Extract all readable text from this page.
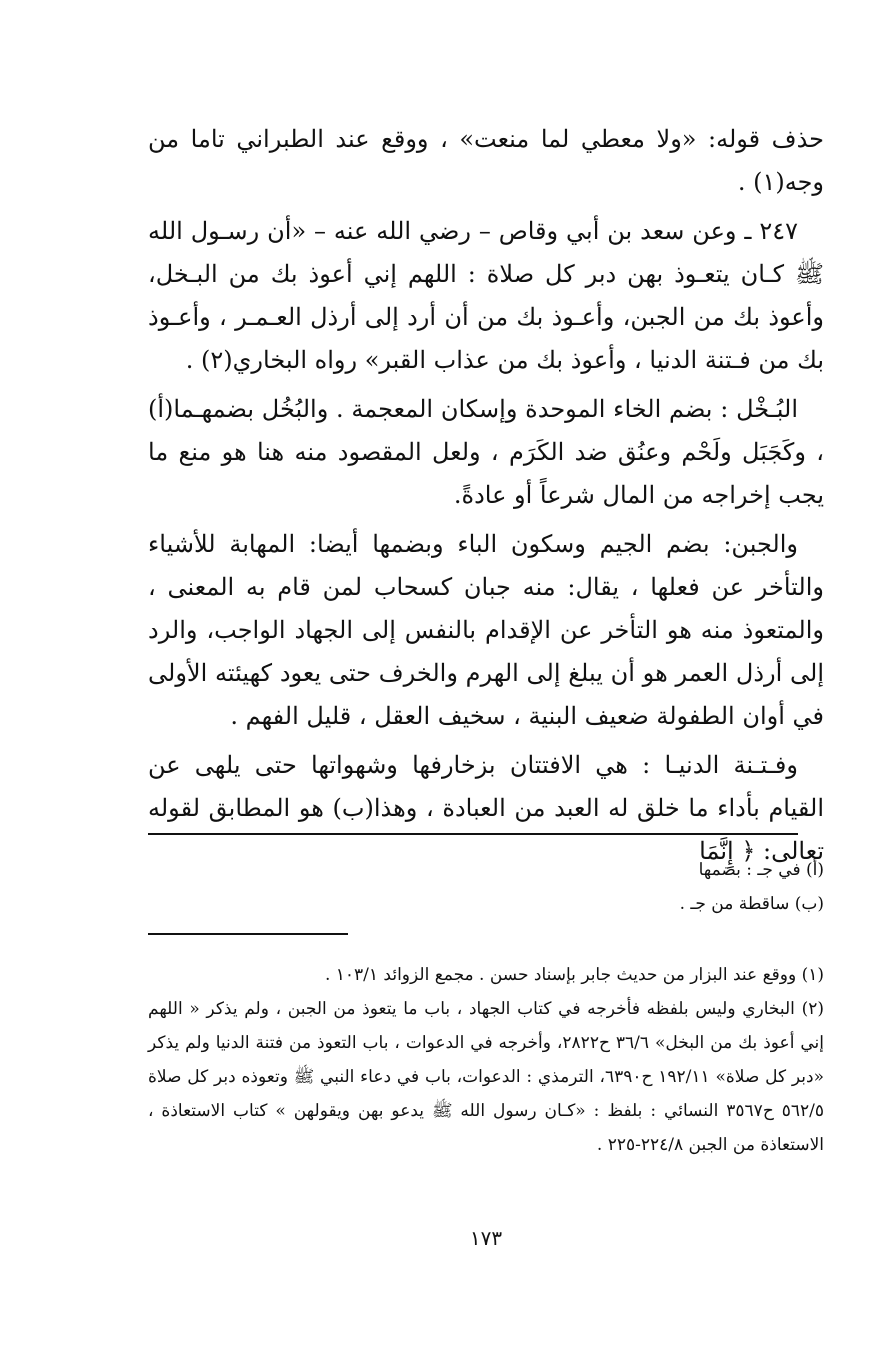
حذف قوله: «ولا معطي لما منعت» ، ووقع عند الطبراني تاما من وجه(١) .

٢٤٧ ـ وعن سعد بن أبي وقاص – رضي الله عنه – «أن رسـول الله ﷺ كـان يتعـوذ بهن دبر كل صلاة : اللهم إني أعوذ بك من البـخل، وأعوذ بك من الجبن، وأعـوذ بك من أن أرد إلى أرذل العـمـر ، وأعـوذ بك من فـتنة الدنيا ، وأعوذ بك من عذاب القبر» رواه البخاري(٢) .

البُـخْل : بضم الخاء الموحدة وإسكان المعجمة . والبُخُل بضمهـما(أ) ، وكَجَبَل ولَحْم وعنُق ضد الكَرَم ، ولعل المقصود منه هنا هو منع ما يجب إخراجه من المال شرعاً أو عادةً.

والجبن: بضم الجيم وسكون الباء وبضمها أيضا: المهابة للأشياء والتأخر عن فعلها ، يقال: منه جبان كسحاب لمن قام به المعنى ، والمتعوذ منه هو التأخر عن الإقدام بالنفس إلى الجهاد الواجب، والرد إلى أرذل العمر هو أن يبلغ إلى الهرم والخرف حتى يعود كهيئته الأولى في أوان الطفولة ضعيف البنية ، سخيف العقل ، قليل الفهم .

وفـتـنة الدنيـا : هي الافتتان بزخارفها وشهواتها حتى يلهى عن القيام بأداء ما خلق له العبد من العبادة ، وهذا(ب) هو المطابق لقوله تعالى: ﴿ إِنَّمَا

(أ) في جـ : بضمها
(ب) ساقطة من جـ .

(١) ووقع عند البزار من حديث جابر بإسناد حسن . مجمع الزوائد ١٠٣/١ .

(٢) البخاري وليس بلفظه فأخرجه في كتاب الجهاد ، باب ما يتعوذ من الجبن ، ولم يذكر « اللهم إني أعوذ بك من البخل» ٣٦/٦ ح٢٨٢٢، وأخرجه في الدعوات ، باب التعوذ من فتنة الدنيا ولم يذكر «دبر كل صلاة» ١٩٢/١١ ح٦٣٩٠، الترمذي : الدعوات، باب في دعاء النبي ﷺ وتعوذه دبر كل صلاة ٥٦٢/٥ ح٣٥٦٧ النسائي : بلفظ : «كـان رسول الله ﷺ يدعو بهن ويقولهن » كتاب الاستعاذة ، الاستعاذة من الجبن ٢٢٤/٨-٢٢٥ .

١٧٣
